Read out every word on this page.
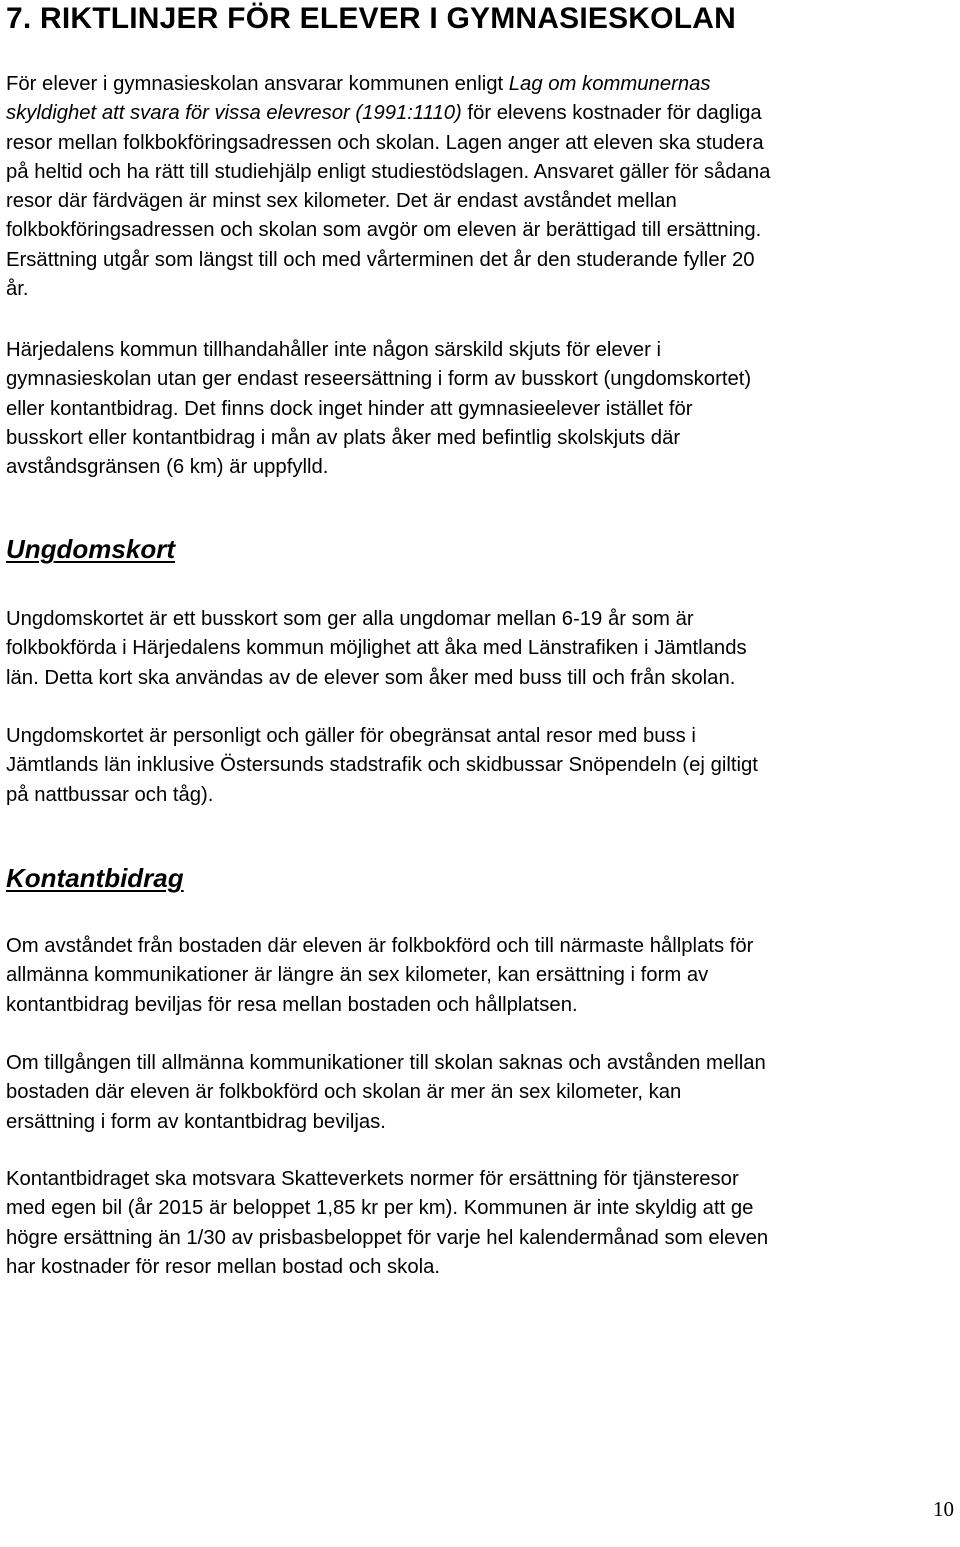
7. RIKTLINJER FÖR ELEVER I GYMNASIESKOLAN

För elever i gymnasieskolan ansvarar kommunen enligt Lag om kommunernas
skyldighet att svara för vissa elevresor (1991:1110) för elevens kostnader för dagliga
resor mellan folkbokföringsadressen och skolan. Lagen anger att eleven ska studera
på heltid och ha rätt till studiehjälp enligt studiestödslagen. Ansvaret gäller för sådana
resor där färdvägen är minst sex kilometer. Det är endast avståndet mellan
folkbokföringsadressen och skolan som avgör om eleven är berättigad till ersättning.
Ersättning utgår som längst till och med vårterminen det år den studerande fyller 20
år.

Härjedalens kommun tillhandahåller inte någon särskild skjuts för elever i
gymnasieskolan utan ger endast reseersättning i form av busskort (ungdomskortet)
eller kontantbidrag. Det finns dock inget hinder att gymnasieelever istället för
busskort eller kontantbidrag i mån av plats åker med befintlig skolskjuts där
avståndsgränsen (6 km) är uppfylld.

Ungdomskort

Ungdomskortet är ett busskort som ger alla ungdomar mellan 6-19 år som är
folkbokförda i Härjedalens kommun möjlighet att åka med Länstrafiken i Jämtlands
län. Detta kort ska användas av de elever som åker med buss till och från skolan.

Ungdomskortet är personligt och gäller för obegränsat antal resor med buss i
Jämtlands län inklusive Östersunds stadstrafik och skidbussar Snöpendeln (ej giltigt
på nattbussar och tåg).

Kontantbidrag

Om avståndet från bostaden där eleven är folkbokförd och till närmaste hållplats för
allmänna kommunikationer är längre än sex kilometer, kan ersättning i form av
kontantbidrag beviljas för resa mellan bostaden och hållplatsen.

Om tillgången till allmänna kommunikationer till skolan saknas och avstånden mellan
bostaden där eleven är folkbokförd och skolan är mer än sex kilometer, kan
ersättning i form av kontantbidrag beviljas.

Kontantbidraget ska motsvara Skatteverkets normer för ersättning för tjänsteresor
med egen bil (år 2015 är beloppet 1,85 kr per km). Kommunen är inte skyldig att ge
högre ersättning än 1/30 av prisbasbeloppet för varje hel kalendermånad som eleven
har kostnader för resor mellan bostad och skola.

10
